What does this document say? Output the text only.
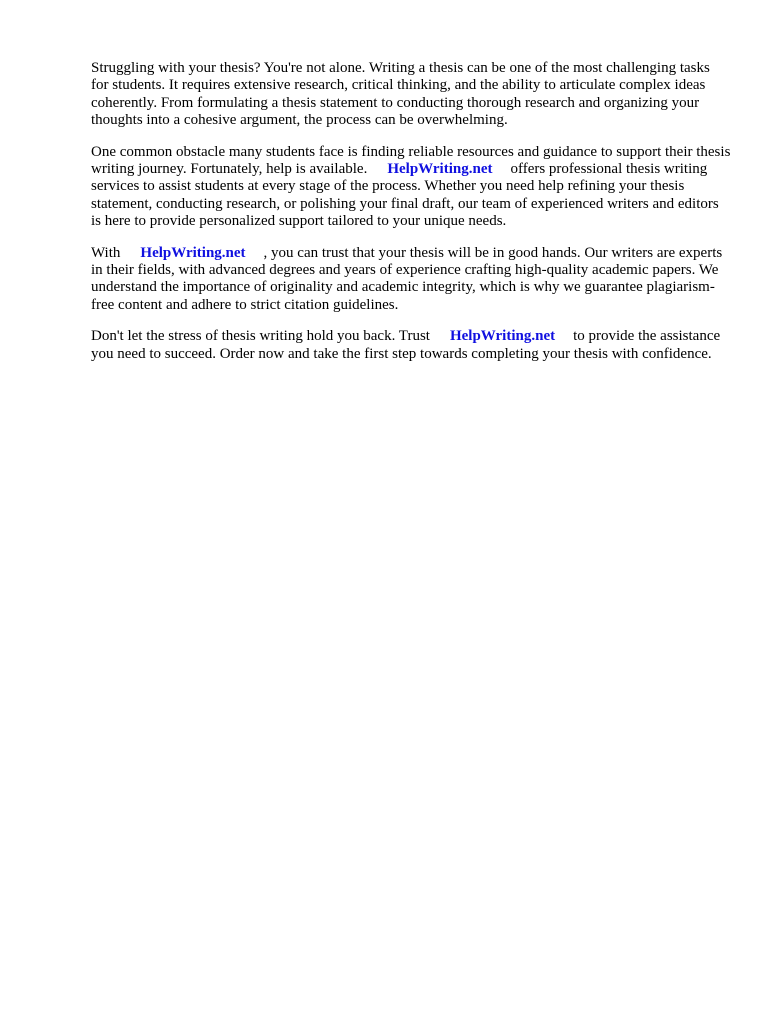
Struggling with your thesis? You're not alone. Writing a thesis can be one of the most challenging tasks for students. It requires extensive research, critical thinking, and the ability to articulate complex ideas coherently. From formulating a thesis statement to conducting thorough research and organizing your thoughts into a cohesive argument, the process can be overwhelming.

One common obstacle many students face is finding reliable resources and guidance to support their thesis writing journey. Fortunately, help is available. HelpWriting.net offers professional thesis writing services to assist students at every stage of the process. Whether you need help refining your thesis statement, conducting research, or polishing your final draft, our team of experienced writers and editors is here to provide personalized support tailored to your unique needs.

With HelpWriting.net , you can trust that your thesis will be in good hands. Our writers are experts in their fields, with advanced degrees and years of experience crafting high-quality academic papers. We understand the importance of originality and academic integrity, which is why we guarantee plagiarism-free content and adhere to strict citation guidelines.

Don't let the stress of thesis writing hold you back. Trust HelpWriting.net to provide the assistance you need to succeed. Order now and take the first step towards completing your thesis with confidence.
